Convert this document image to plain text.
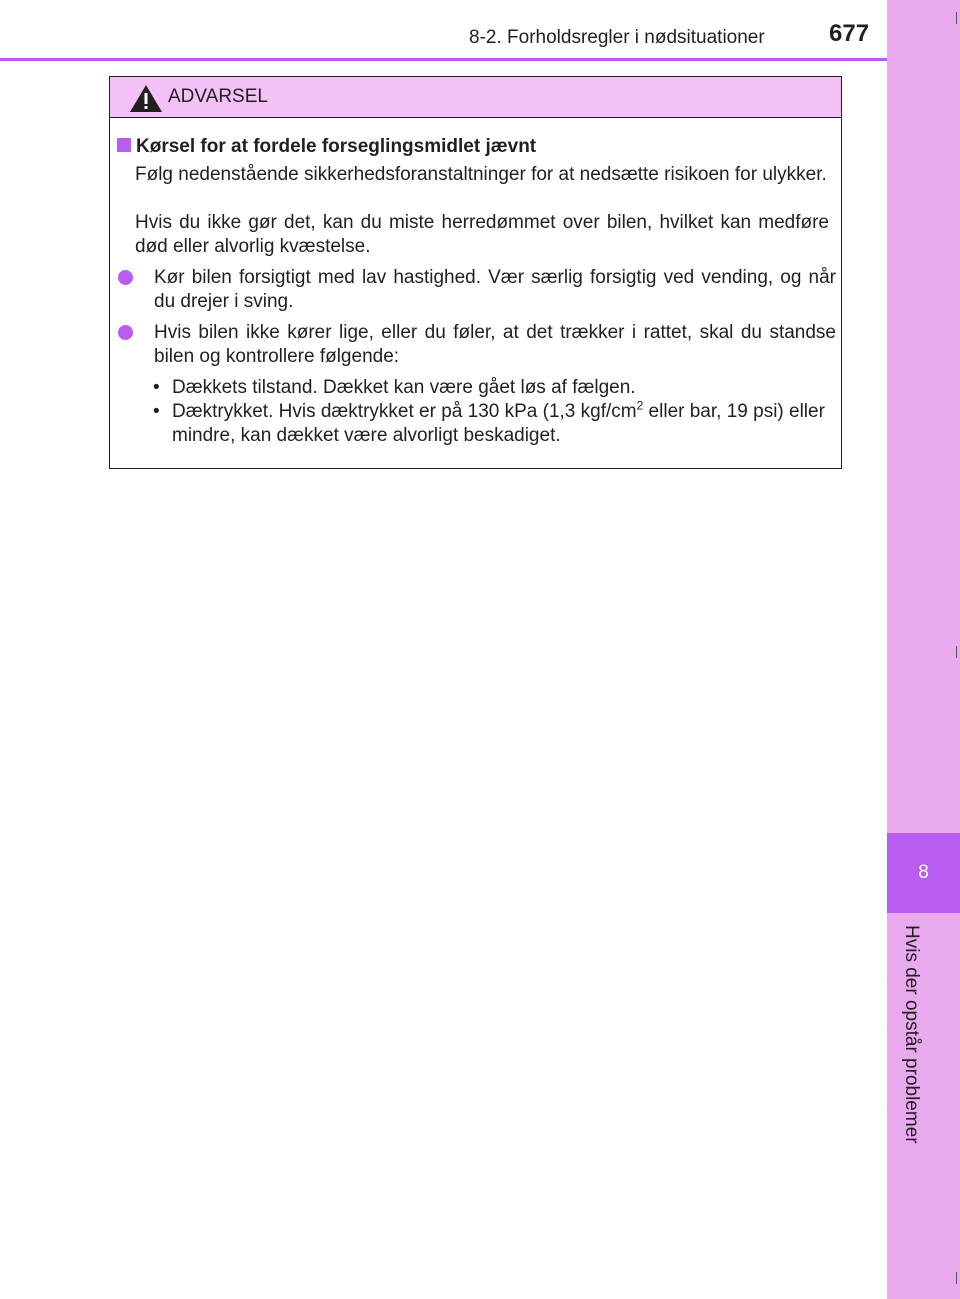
8
Hvis der opstår problemer
8-2. Forholdsregler i nødsituationer	677
ADVARSEL
Kørsel for at fordele forseglingsmidlet jævnt
Følg nedenstående sikkerhedsforanstaltninger for at nedsætte risikoen for ulykker.
Hvis du ikke gør det, kan du miste herredømmet over bilen, hvilket kan medføre død eller alvorlig kvæstelse.
Kør bilen forsigtigt med lav hastighed. Vær særlig forsigtig ved vending, og når du drejer i sving.
Hvis bilen ikke kører lige, eller du føler, at det trækker i rattet, skal du standse bilen og kontrollere følgende:
• Dækkets tilstand. Dækket kan være gået løs af fælgen.
• Dæktrykket. Hvis dæktrykket er på 130 kPa (1,3 kgf/$cm^2$ eller bar, 19 psi) eller mindre, kan dækket være alvorligt beskadiget.
